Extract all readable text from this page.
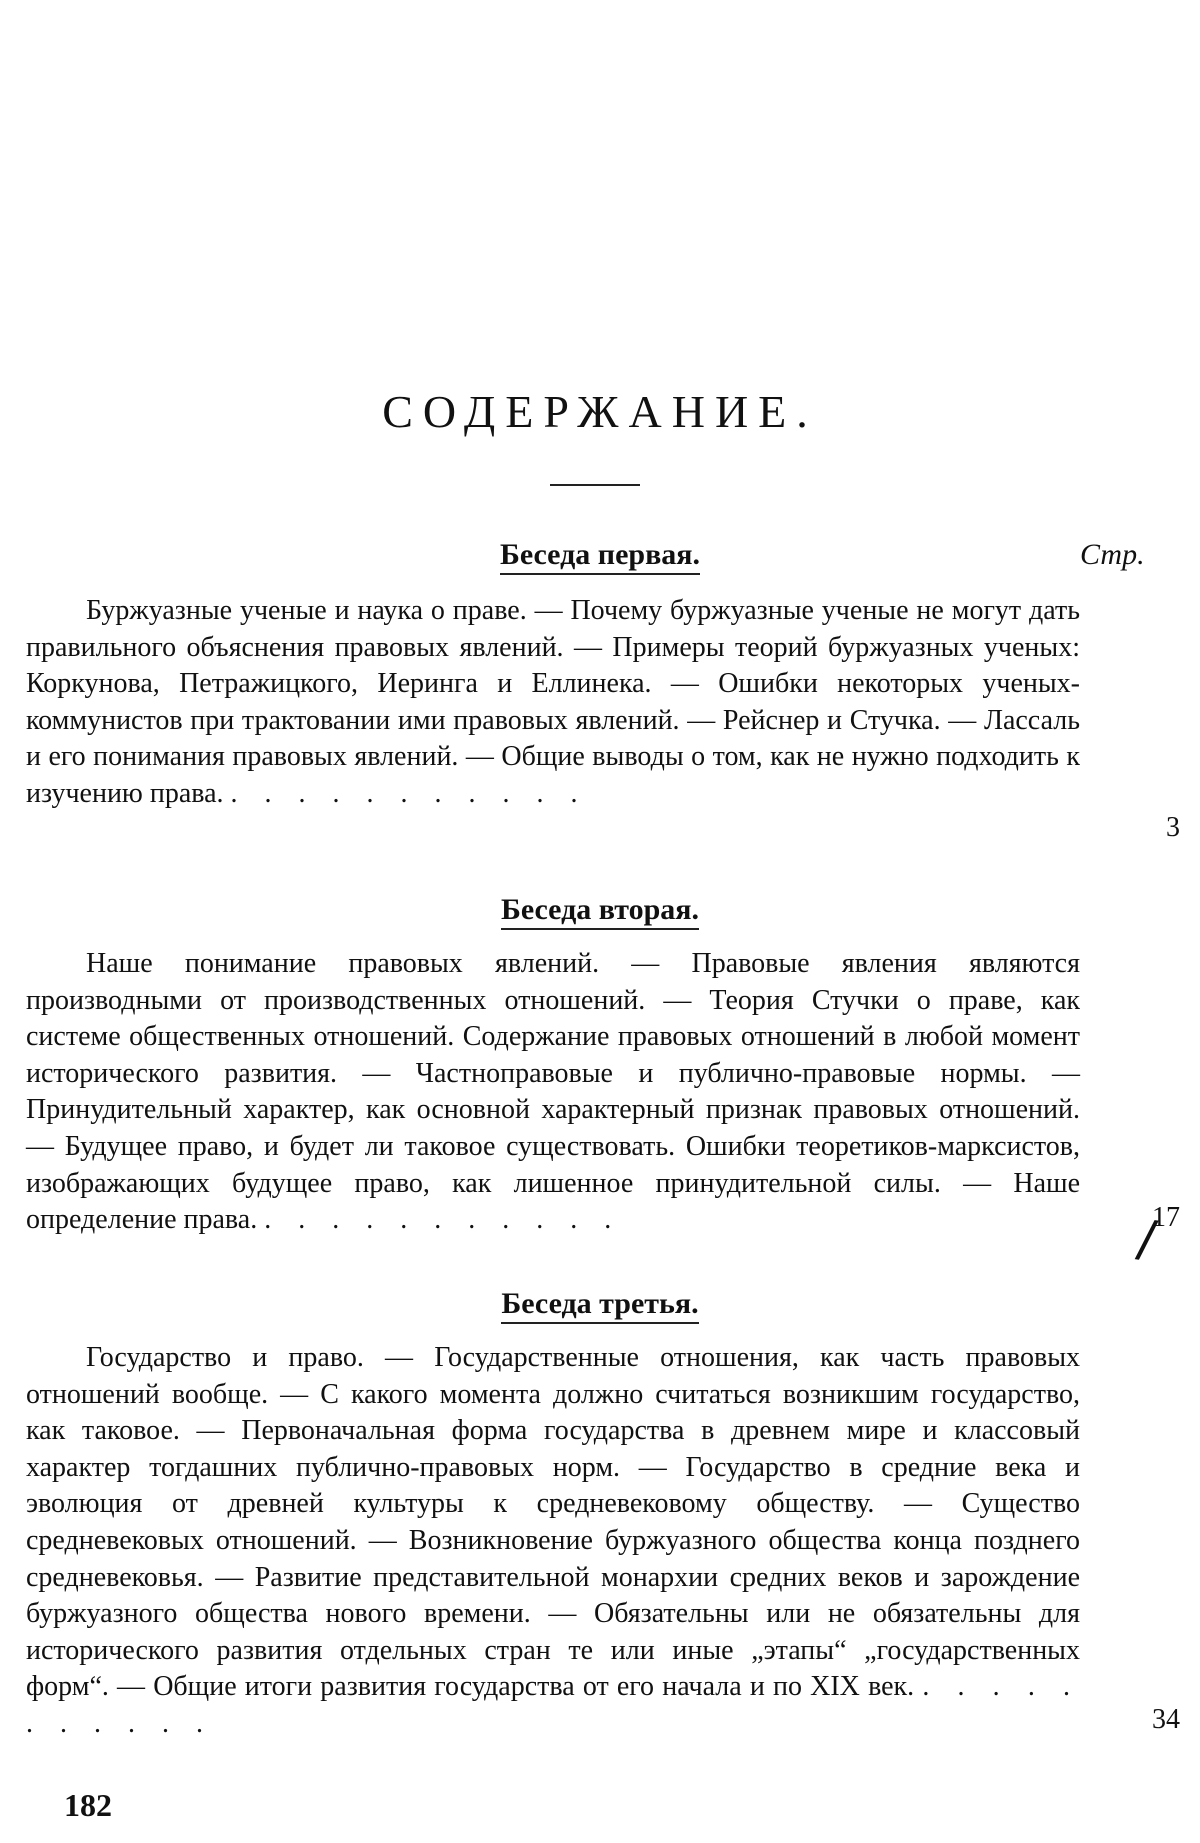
СОДЕРЖАНИЕ.
Стр.
Беседа первая.
Буржуазные ученые и наука о праве. — Почему буржуазные ученые не могут дать правильного объяснения правовых явлений. — Примеры теорий буржуазных ученых: Коркунова, Петражицкого, Иеринга и Еллинека. — Ошибки некоторых ученых-коммунистов при трактовании ими правовых явлений. — Рейснер и Стучка. — Лассаль и его понимания правовых явлений. — Общие выводы о том, как не нужно подходить к изучению права. . . . . . . . . . . .
3
Беседа вторая.
Наше понимание правовых явлений. — Правовые явления являются производными от производственных отношений. — Теория Стучки о праве, как системе общественных отношений. Содержание правовых отношений в любой момент исторического развития. — Частноправовые и публично-правовые нормы. — Принудительный характер, как основной характерный признак правовых отношений. — Будущее право, и будет ли таковое существовать. Ошибки теоретиков-марксистов, изображающих будущее право, как лишенное принудительной силы. — Наше определение права. . . . . . . . . . . .	17
/
Беседа третья.
Государство и право. — Государственные отношения, как часть правовых отношений вообще. — С какого момента должно считаться возникшим государство, как таковое. — Первоначальная форма государства в древнем мире и классовый характер тогдашних публично-правовых норм. — Государство в средние века и эволюция от древней культуры к средневековому обществу. — Существо средневековых отношений. — Возникновение буржуазного общества конца позднего средневековья. — Развитие представительной монархии средних веков и зарождение буржуазного общества нового времени. — Обязательны или не обязательны для исторического развития отдельных стран те или иные „этапы“ „государственных форм“. — Общие итоги развития государства от его начала и по XIX век. . . . . . . . . . . .	34
182
